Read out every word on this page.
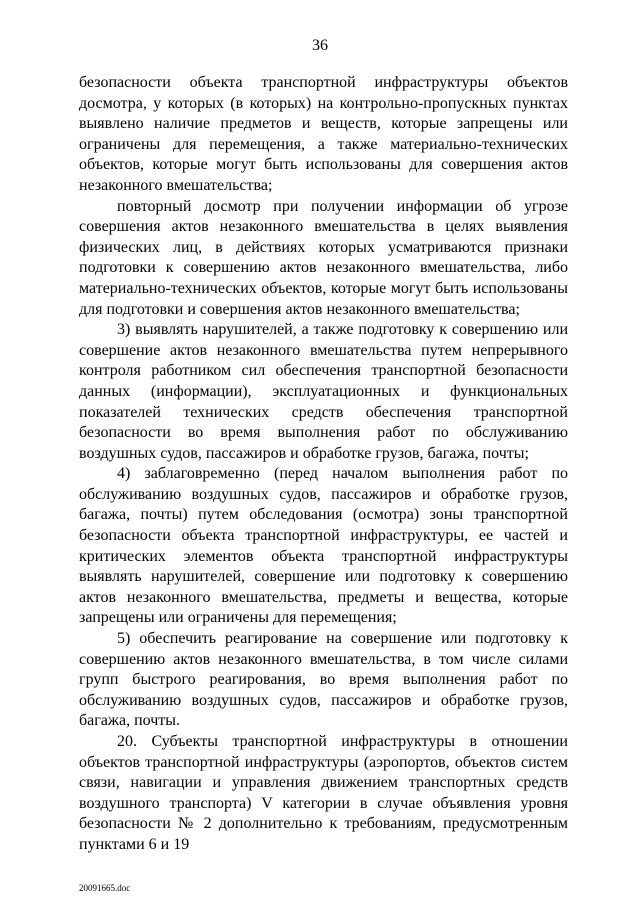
36

безопасности объекта транспортной инфраструктуры объектов досмотра, у которых (в которых) на контрольно-пропускных пунктах выявлено наличие предметов и веществ, которые запрещены или ограничены для перемещения, а также материально-технических объектов, которые могут быть использованы для совершения актов незаконного вмешательства;

повторный досмотр при получении информации об угрозе совершения актов незаконного вмешательства в целях выявления физических лиц, в действиях которых усматриваются признаки подготовки к совершению актов незаконного вмешательства, либо материально-технических объектов, которые могут быть использованы для подготовки и совершения актов незаконного вмешательства;

3) выявлять нарушителей, а также подготовку к совершению или совершение актов незаконного вмешательства путем непрерывного контроля работником сил обеспечения транспортной безопасности данных (информации), эксплуатационных и функциональных показателей технических средств обеспечения транспортной безопасности во время выполнения работ по обслуживанию воздушных судов, пассажиров и обработке грузов, багажа, почты;

4) заблаговременно (перед началом выполнения работ по обслуживанию воздушных судов, пассажиров и обработке грузов, багажа, почты) путем обследования (осмотра) зоны транспортной безопасности объекта транспортной инфраструктуры, ее частей и критических элементов объекта транспортной инфраструктуры выявлять нарушителей, совершение или подготовку к совершению актов незаконного вмешательства, предметы и вещества, которые запрещены или ограничены для перемещения;

5) обеспечить реагирование на совершение или подготовку к совершению актов незаконного вмешательства, в том числе силами групп быстрого реагирования, во время выполнения работ по обслуживанию воздушных судов, пассажиров и обработке грузов, багажа, почты.

20. Субъекты транспортной инфраструктуры в отношении объектов транспортной инфраструктуры (аэропортов, объектов систем связи, навигации и управления движением транспортных средств воздушного транспорта) V категории в случае объявления уровня безопасности № 2 дополнительно к требованиям, предусмотренным пунктами 6 и 19

20091665.doc
